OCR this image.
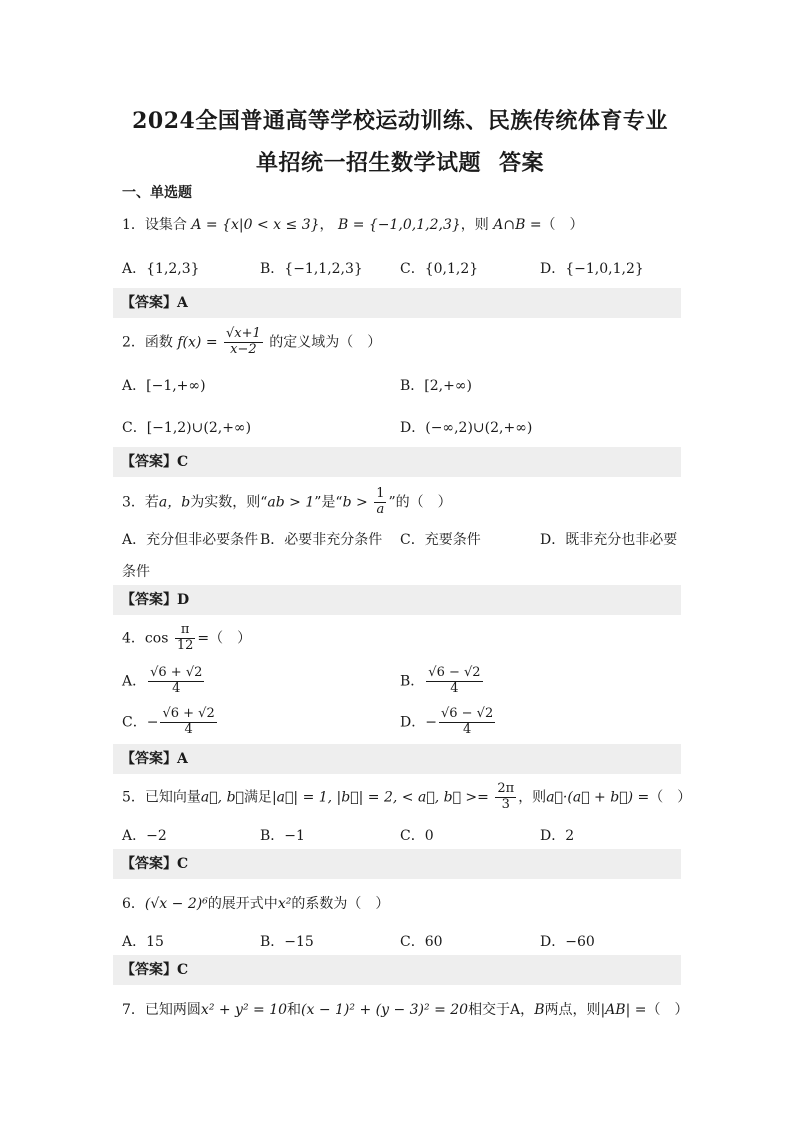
2024全国普通高等学校运动训练、民族传统体育专业
单招统一招生数学试题 答案
一、单选题
1．设集合 A = {x|0 < x ≤ 3}， B = {−1,0,1,2,3}，则 A∩B =（　）
A．{1,2,3}	B．{−1,1,2,3}	C．{0,1,2}	D．{−1,0,1,2}
【答案】A
2．函数 $f(x) = \frac{√x+1}{x-2}$ 的定义域为（　）
A．[−1,+∞)	B．[2,+∞)
C．[−1,2)∪(2,+∞)	D．(−∞,2)∪(2,+∞)
【答案】C
3．若a，b为实数，则“ab > 1”是“$b > \frac{1}{a}$ ”的（　）
A．充分但非必要条件 B．必要非充分条件 C．充要条件	D．既非充分也非必要
条件
【答案】D
4．$\cos \frac{\pi}{12}$ =（　）
A． $\frac{√6 + √2}{4}$	B． $\frac{√6 - √2}{4}$
C．− $\frac{√6 + √2}{4}$	D．− $\frac{√6 - √2}{4}$
【答案】A
5．已知向量a⃗, b⃗满足|a⃗| = 1, |b⃗| = 2, < a⃗, b⃗ >= $\frac{2\pi}{3}$ ，则a⃗·(a⃗ + b⃗) =（　）
A．−2	B．−1	C．0	D．2
【答案】C
6．(√x − 2)⁶的展开式中x²的系数为（　）
A．15	B．−15	C．60	D．−60
【答案】C
7．已知两圆x² + y² = 10和(x − 1)² + (y − 3)² = 20相交于A，B两点，则|AB| =（　）
